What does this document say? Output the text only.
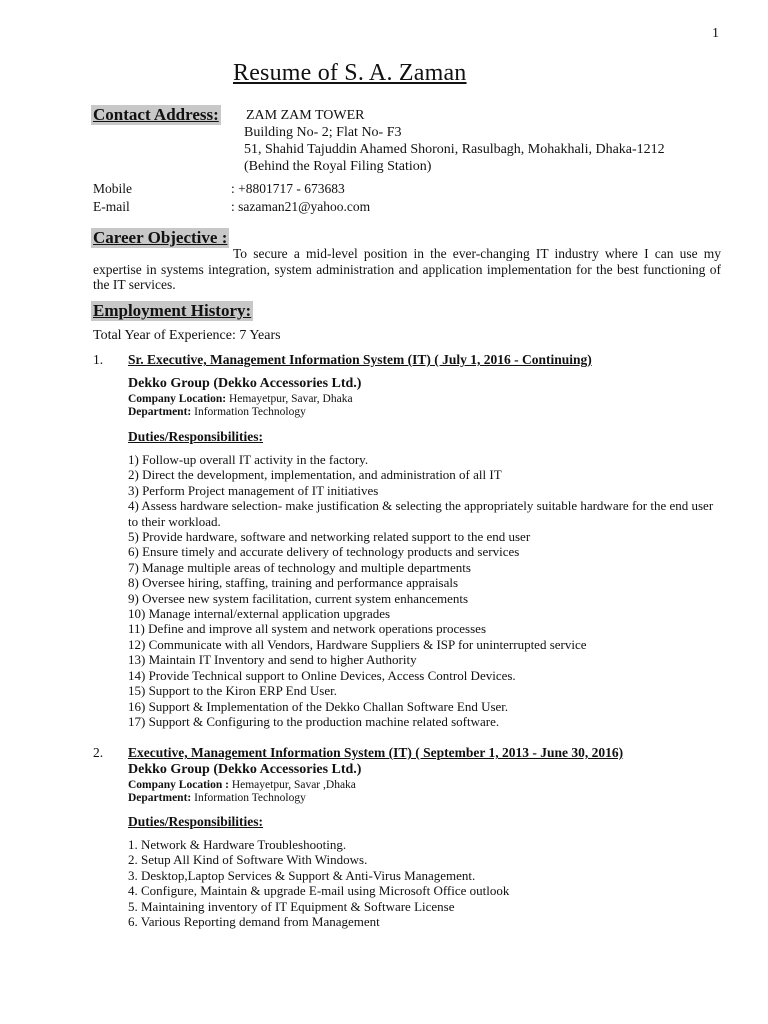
1
Resume of S. A. Zaman
Contact Address: ZAM ZAM TOWER
Building No- 2; Flat No- F3
51, Shahid Tajuddin Ahamed Shoroni, Rasulbagh, Mohakhali, Dhaka-1212
(Behind the Royal Filing Station)
Mobile	: +8801717 - 673683
E-mail	: sazaman21@yahoo.com
Career Objective :
To secure a mid-level position in the ever-changing IT industry where I can use my expertise in systems integration, system administration and application implementation for the best functioning of the IT services.
Employment History:
Total Year of Experience: 7 Years
1. Sr. Executive, Management Information System (IT) ( July 1, 2016 - Continuing)
Dekko Group (Dekko Accessories Ltd.)
Company Location: Hemayetpur, Savar, Dhaka
Department: Information Technology
Duties/Responsibilities:
1) Follow-up overall IT activity in the factory.
2) Direct the development, implementation, and administration of all IT
3) Perform Project management of IT initiatives
4) Assess hardware selection- make justification & selecting the appropriately suitable hardware for the end user to their workload.
5) Provide hardware, software and networking related support to the end user
6) Ensure timely and accurate delivery of technology products and services
7) Manage multiple areas of technology and multiple departments
8) Oversee hiring, staffing, training and performance appraisals
9) Oversee new system facilitation, current system enhancements
10) Manage internal/external application upgrades
11) Define and improve all system and network operations processes
12) Communicate with all Vendors, Hardware Suppliers & ISP for uninterrupted service
13) Maintain IT Inventory and send to higher Authority
14) Provide Technical support to Online Devices, Access Control Devices.
15) Support to the Kiron ERP End User.
16) Support & Implementation of the Dekko Challan Software End User.
17) Support & Configuring to the production machine related software.
2. Executive, Management Information System (IT) ( September 1, 2013 - June 30, 2016)
Dekko Group (Dekko Accessories Ltd.)
Company Location : Hemayetpur, Savar ,Dhaka
Department: Information Technology
Duties/Responsibilities:
1. Network & Hardware Troubleshooting.
2. Setup All Kind of Software With Windows.
3. Desktop,Laptop Services & Support & Anti-Virus Management.
4. Configure, Maintain & upgrade E-mail using Microsoft Office outlook
5. Maintaining inventory of IT Equipment & Software License
6. Various Reporting demand from Management
